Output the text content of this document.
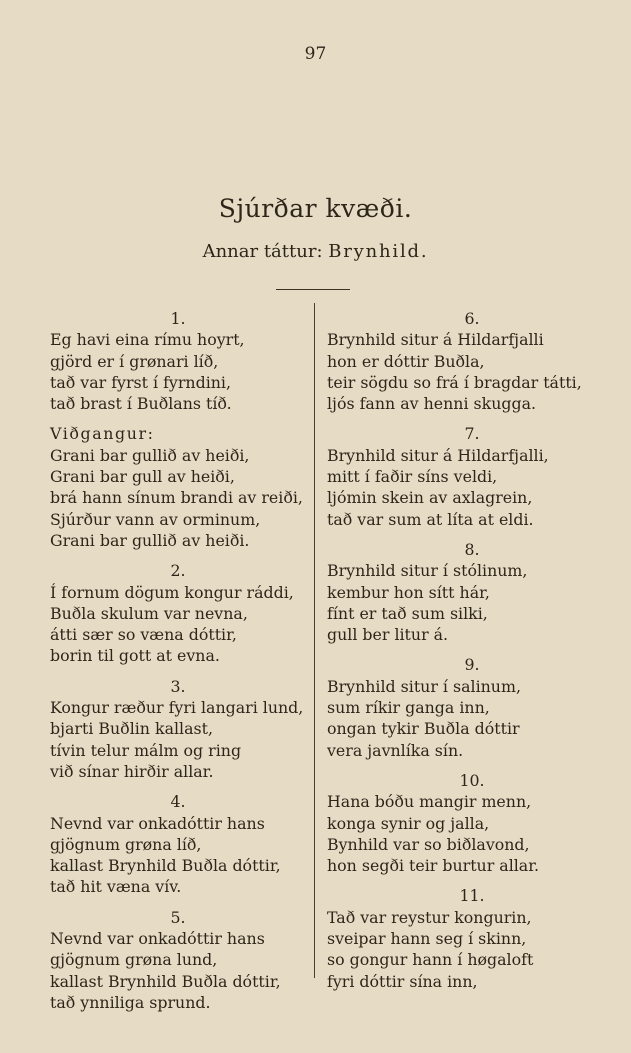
97
Sjúrðar kvæði.
Annar táttur: Brynhild.
1.
Eg havi eina rímu hoyrt,
gjörd er í grønari líð,
tað var fyrst í fyrndini,
tað brast í Buðlans tíð.
Viðgangur:
Grani bar gullið av heiði,
Grani bar gull av heiði,
brá hann sínum brandi av reiði,
Sjúrður vann av orminum,
Grani bar gullið av heiði.
2.
Í fornum dögum kongur ráddi,
Buðla skulum var nevna,
átti sær so væna dóttir,
borin til gott at evna.
3.
Kongur ræður fyri langari lund,
bjarti Buðlin kallast,
tívin telur málm og ring
við sínar hirðir allar.
4.
Nevnd var onkadóttir hans
gjögnum grøna líð,
kallast Brynhild Buðla dóttir,
tað hit væna vív.
5.
Nevnd var onkadóttir hans
gjögnum grøna lund,
kallast Brynhild Buðla dóttir,
tað ynniliga sprund.
6.
Brynhild situr á Hildarfjalli
hon er dóttir Buðla,
teir sögdu so frá í bragdar tátti,
ljós fann av henni skugga.
7.
Brynhild situr á Hildarfjalli,
mitt í faðir síns veldi,
ljómin skein av axlagrein,
tað var sum at líta at eldi.
8.
Brynhild situr í stólinum,
kembur hon sítt hár,
fínt er tað sum silki,
gull ber litur á.
9.
Brynhild situr í salinum,
sum ríkir ganga inn,
ongan tykir Buðla dóttir
vera javnlíka sín.
10.
Hana bóðu mangir menn,
konga synir og jalla,
Bynhild var so biðlavond,
hon segði teir burtur allar.
11.
Tað var reystur kongurin,
sveipar hann seg í skinn,
so gongur hann í høgaloft
fyri dóttir sína inn,
